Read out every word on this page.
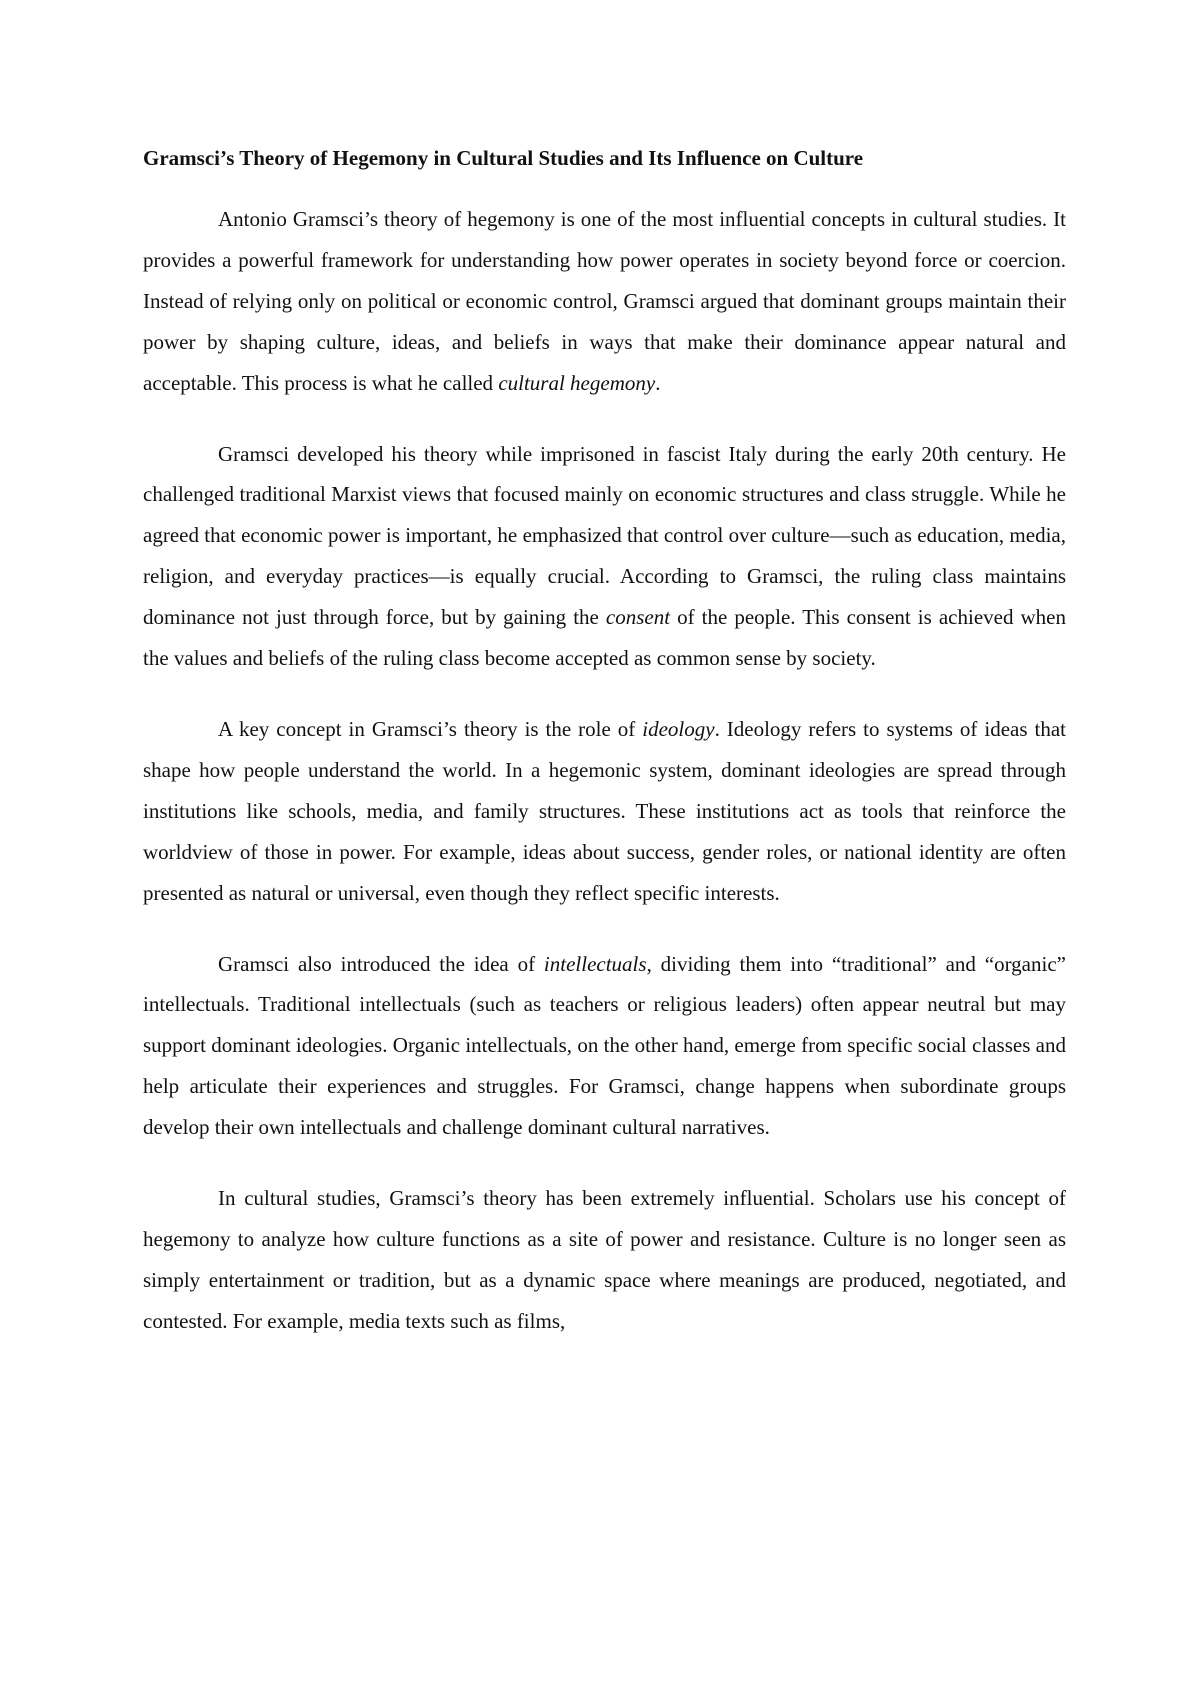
Gramsci’s Theory of Hegemony in Cultural Studies and Its Influence on Culture

Antonio Gramsci’s theory of hegemony is one of the most influential concepts in cultural studies. It provides a powerful framework for understanding how power operates in society beyond force or coercion. Instead of relying only on political or economic control, Gramsci argued that dominant groups maintain their power by shaping culture, ideas, and beliefs in ways that make their dominance appear natural and acceptable. This process is what he called cultural hegemony.

Gramsci developed his theory while imprisoned in fascist Italy during the early 20th century. He challenged traditional Marxist views that focused mainly on economic structures and class struggle. While he agreed that economic power is important, he emphasized that control over culture—such as education, media, religion, and everyday practices—is equally crucial. According to Gramsci, the ruling class maintains dominance not just through force, but by gaining the consent of the people. This consent is achieved when the values and beliefs of the ruling class become accepted as common sense by society.

A key concept in Gramsci’s theory is the role of ideology. Ideology refers to systems of ideas that shape how people understand the world. In a hegemonic system, dominant ideologies are spread through institutions like schools, media, and family structures. These institutions act as tools that reinforce the worldview of those in power. For example, ideas about success, gender roles, or national identity are often presented as natural or universal, even though they reflect specific interests.

Gramsci also introduced the idea of intellectuals, dividing them into “traditional” and “organic” intellectuals. Traditional intellectuals (such as teachers or religious leaders) often appear neutral but may support dominant ideologies. Organic intellectuals, on the other hand, emerge from specific social classes and help articulate their experiences and struggles. For Gramsci, change happens when subordinate groups develop their own intellectuals and challenge dominant cultural narratives.

In cultural studies, Gramsci’s theory has been extremely influential. Scholars use his concept of hegemony to analyze how culture functions as a site of power and resistance. Culture is no longer seen as simply entertainment or tradition, but as a dynamic space where meanings are produced, negotiated, and contested. For example, media texts such as films,
